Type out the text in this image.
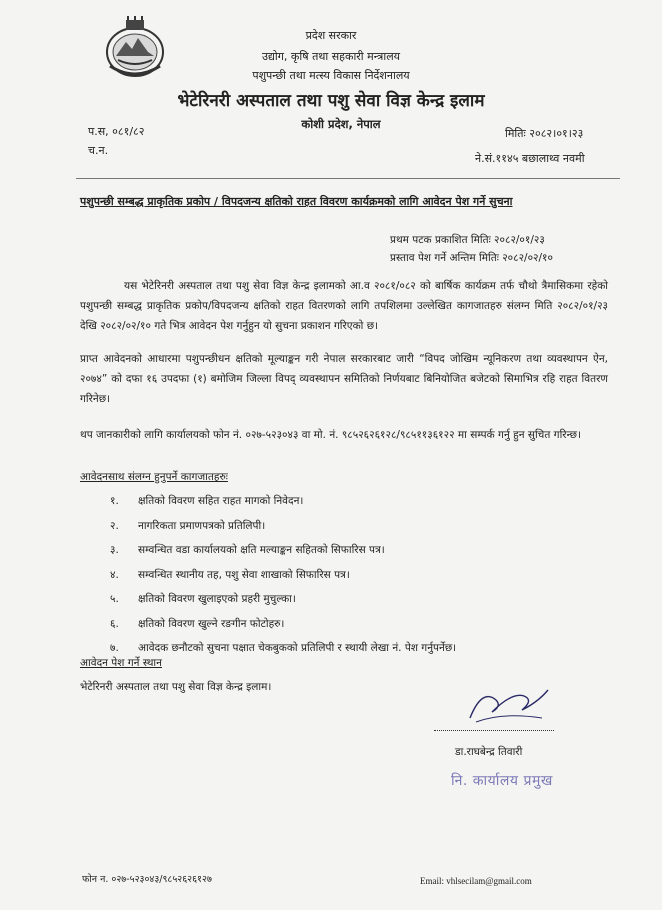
प्रदेश सरकार
उद्योग, कृषि तथा सहकारी मन्त्रालय
पशुपन्छी तथा मत्स्य विकास निर्देशनालय
भेटेरिनरी अस्पताल तथा पशु सेवा विज्ञ केन्द्र इलाम
कोशी प्रदेश, नेपाल
प.स, ०८१/८२
च.न.
मितिः २०८२।०१।२३
ने.सं.११४५ बछालाथ्व नवमी
पशुपन्छी सम्बद्ध प्राकृतिक प्रकोप / विपदजन्य क्षतिको राहत विवरण कार्यक्रमको लागि आवेदन पेश गर्ने सुचना
प्रथम पटक प्रकाशित मितिः २०८२/०१/२३
प्रस्ताव पेश गर्ने अन्तिम मितिः २०८२/०२/१०
यस भेटेरिनरी अस्पताल तथा पशु सेवा विज्ञ केन्द्र इलामको आ.व २०८१/०८२ को बार्षिक कार्यक्रम तर्फ चौथो त्रैमासिकमा रहेको पशुपन्छी सम्बद्ध प्राकृतिक प्रकोप/विपदजन्य क्षतिको राहत वितरणको लागि तपशिलमा उल्लेखित कागजातहरु संलग्न मिति २०८२/०१/२३ देखि २०८२/०२/१० गते भित्र आवेदन पेश गर्नुहुन यो सुचना प्रकाशन गरिएको छ।
प्राप्त आवेदनको आधारमा पशुपन्छीधन क्षतिको मूल्याङ्कन गरी नेपाल सरकारबाट जारी “विपद जोखिम न्यूनिकरण तथा व्यवस्थापन ऐन, २०७४” को दफा १६ उपदफा (१) बमोजिम जिल्ला विपद् व्यवस्थापन समितिको निर्णयबाट बिनियोजित बजेटको सिमाभित्र रहि राहत वितरण गरिनेछ।
थप जानकारीको लागि कार्यालयको फोन नं. ०२७-५२३०४३ वा मो. नं. ९८५२६२६१२८/९८५११३६१२२ मा सम्पर्क गर्नु हुन सुचित गरिन्छ।
आवेदनसाथ संलग्न हुनुपर्ने कागजातहरुः
१.	क्षतिको विवरण सहित राहत मागको निवेदन।
२.	नागरिकता प्रमाणपत्रको प्रतिलिपी।
३.	सम्वन्धित वडा कार्यालयको क्षति मल्याङ्कन सहितको सिफारिस पत्र।
४.	सम्वन्धित स्थानीय तह, पशु सेवा शाखाको सिफारिस पत्र।
५.	क्षतिको विवरण खुलाइएको प्रहरी मुचुल्का।
६.	क्षतिको विवरण खुल्ने रङगीन फोटोहरु।
७.	आवेदक छनौटको सुचना पक्षात चेकबुकको प्रतिलिपी र स्थायी लेखा नं. पेश गर्नुपर्नेछ।
आवेदन पेश गर्ने स्थान
भेटेरिनरी अस्पताल तथा पशु सेवा विज्ञ केन्द्र इलाम।
डा.राघबेन्द्र तिवारी
नि. कार्यालय प्रमुख
फोन न. ०२७-५२३०४३/९८५२६२६१२७	Email: vhlsecilam@gmail.com
